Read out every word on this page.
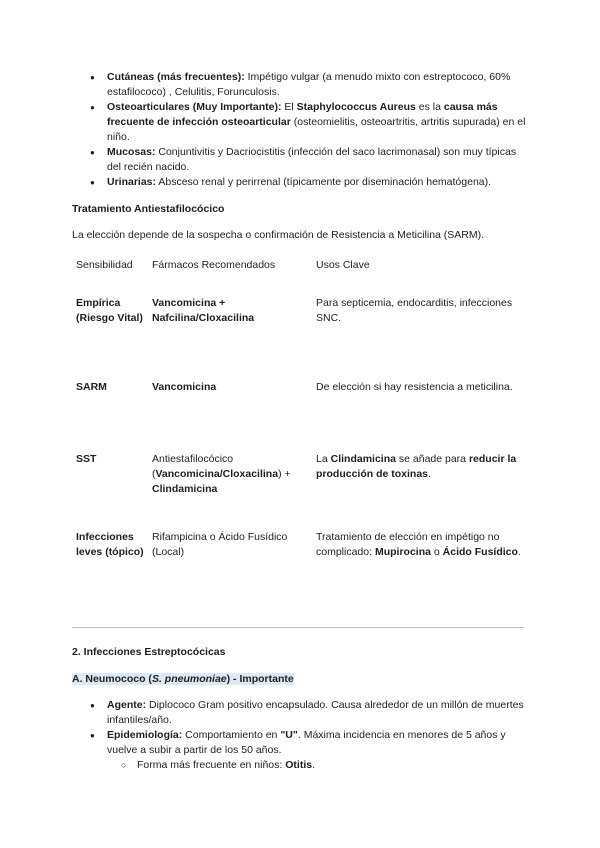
● Cutáneas (más frecuentes): Impétigo vulgar (a menudo mixto con estreptococo, 60% estafilococo) , Celulitis, Forunculosis.
● Osteoarticulares (Muy Importante): El Staphylococcus Aureus es la causa más frecuente de infección osteoarticular (osteomielitis, osteoartritis, artritis supurada) en el niño.
● Mucosas: Conjuntivitis y Dacriocistitis (infección del saco lacrimonasal) son muy típicas del recién nacido.
● Urinarias: Absceso renal y perirrenal (típicamente por diseminación hematógena).
Tratamiento Antiestafilocócico
La elección depende de la sospecha o confirmación de Resistencia a Meticilina (SARM).
Sensibilidad	Fármacos Recomendados	Usos Clave
Empírica (Riesgo Vital)	Vancomicina + Nafcilina/Cloxacilina	Para septicemia, endocarditis, infecciones SNC.
SARM	Vancomicina	De elección si hay resistencia a meticilina.
SST	Antiestafilocócico (Vancomicina/Cloxacilina) + Clindamicina	La Clindamicina se añade para reducir la producción de toxinas.
Infecciones leves (tópico)	Rifampicina o Ácido Fusídico (Local)	Tratamiento de elección en impétigo no complicado: Mupirocina o Ácido Fusídico.
2. Infecciones Estreptocócicas
A. Neumococo (S. pneumoniae) - Importante
● Agente: Diplococo Gram positivo encapsulado. Causa alrededor de un millón de muertes infantiles/año.
● Epidemiología: Comportamiento en "U". Máxima incidencia en menores de 5 años y vuelve a subir a partir de los 50 años.
○ Forma más frecuente en niños: Otitis.
